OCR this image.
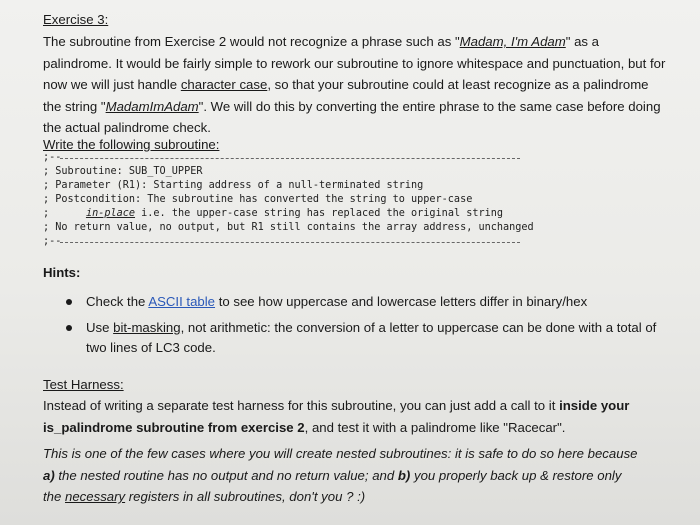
Exercise 3:
The subroutine from Exercise 2 would not recognize a phrase such as "Madam, I'm Adam" as a palindrome. It would be fairly simple to rework our subroutine to ignore whitespace and punctuation, but for now we will just handle character case, so that your subroutine could at least recognize as a palindrome the string "MadamImAdam". We will do this by converting the entire phrase to the same case before doing the actual palindrome check.
Write the following subroutine:
;--
; Subroutine: SUB_TO_UPPER
; Parameter (R1): Starting address of a null-terminated string
; Postcondition: The subroutine has converted the string to upper-case
;      in-place i.e. the upper-case string has replaced the original string
; No return value, no output, but R1 still contains the array address, unchanged
;--
Hints:
Check the ASCII table to see how uppercase and lowercase letters differ in binary/hex
Use bit-masking, not arithmetic: the conversion of a letter to uppercase can be done with a total of two lines of LC3 code.
Test Harness:
Instead of writing a separate test harness for this subroutine, you can just add a call to it inside your is_palindrome subroutine from exercise 2, and test it with a palindrome like "Racecar".
This is one of the few cases where you will create nested subroutines: it is safe to do so here because a) the nested routine has no output and no return value; and b) you properly back up & restore only the necessary registers in all subroutines, don't you ? :)
